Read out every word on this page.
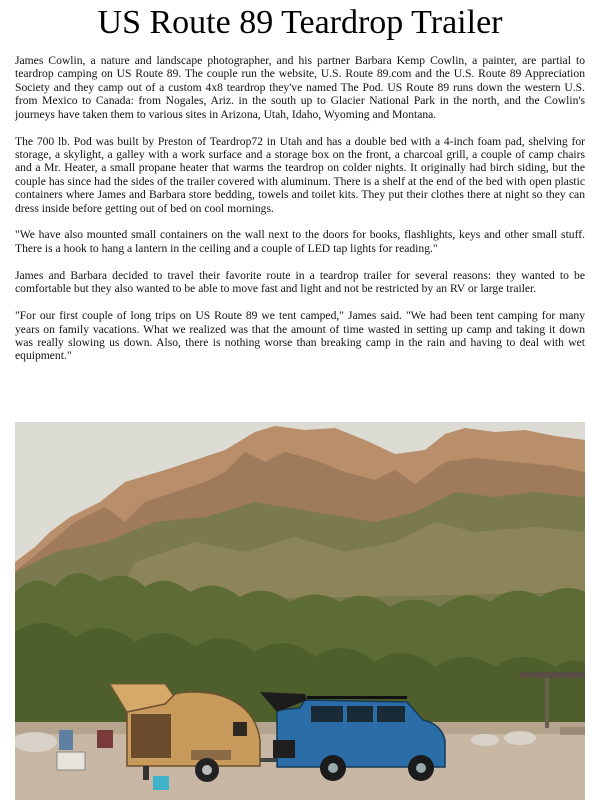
US Route 89 Teardrop Trailer

James Cowlin, a nature and landscape photographer, and his partner Barbara Kemp Cowlin, a painter, are partial to teardrop camping on US Route 89. The couple run the website, U.S. Route 89.com and the U.S. Route 89 Appreciation Society and they camp out of a custom 4x8 teardrop they've named The Pod. US Route 89 runs down the western U.S. from Mexico to Canada: from Nogales, Ariz. in the south up to Glacier National Park in the north, and the Cowlin's journeys have taken them to various sites in Arizona, Utah, Idaho, Wyoming and Montana.

The 700 lb. Pod was built by Preston of Teardrop72 in Utah and has a double bed with a 4-inch foam pad, shelving for storage, a skylight, a galley with a work surface and a storage box on the front, a charcoal grill, a couple of camp chairs and a Mr. Heater, a small propane heater that warms the teardrop on colder nights. It originally had birch siding, but the couple has since had the sides of the trailer covered with aluminum. There is a shelf at the end of the bed with open plastic containers where James and Barbara store bedding, towels and toilet kits. They put their clothes there at night so they can dress inside before getting out of bed on cool mornings.

"We have also mounted small containers on the wall next to the doors for books, flashlights, keys and other small stuff. There is a hook to hang a lantern in the ceiling and a couple of LED tap lights for reading."

James and Barbara decided to travel their favorite route in a teardrop trailer for several reasons: they wanted to be comfortable but they also wanted to be able to move fast and light and not be restricted by an RV or large trailer.

"For our first couple of long trips on US Route 89 we tent camped," James said. "We had been tent camping for many years on family vacations. What we realized was that the amount of time wasted in setting up camp and taking it down was really slowing us down. Also, there is nothing worse than breaking camp in the rain and having to deal with wet equipment."
